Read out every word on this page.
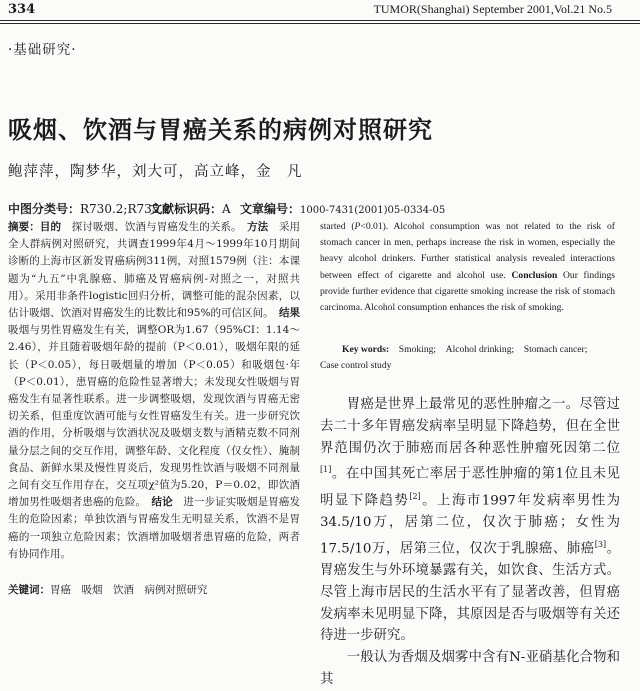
334	TUMOR(Shanghai) September 2001,Vol.21 No.5
·基础研究·
吸烟、饮酒与胃癌关系的病例对照研究
鲍萍萍，陶梦华，刘大可，高立峰，金　凡
中图分类号：R730.2;R735.2
文献标识码：A 文章编号：1000-7431(2001)05-0334-05

摘要：目的　 探讨吸烟、饮酒与胃癌发生的关系。　 方法　 采用全人群病例对照研究，共调查1999年4月～1999年10月期间诊断的上海市区新发胃癌病例311例，对照1579例（注：本课题为“九五”中乳腺癌、肺癌及胃癌病例-对照之一，对照共用）。采用非条件logistic回归分析，调整可能的混杂因素，以估计吸烟、饮酒对胃癌发生的比数比和95%的可信区间。　 结果　吸烟与男性胃癌发生有关，调整OR为1.67（95%CI：1.14～2.46），并且随着吸烟年龄的提前（P＜0.01），吸烟年限的延长（P＜0.05），每日吸烟量的增加（P＜0.05）和吸烟包·年（P＜0.01），患胃癌的危险性显著增大；未发现女性吸烟与胃癌发生有显著性联系。进一步调整吸烟，发现饮酒与胃癌无密切关系，但重度饮酒可能与女性胃癌发生有关。进一步研究饮酒的作用，分析吸烟与饮酒状况及吸烟支数与酒精克数不同剂量分层之间的交互作用，调整年龄、文化程度（仅女性）、腌制食品、新鲜水果及慢性胃炎后，发现男性饮酒与吸烟不同剂量之间有交互作用存在，交互项χ²值为5.20，P＝0.02，即饮酒增加男性吸烟者患癌的危险。　 结论　 进一步证实吸烟是胃癌发生的危险因素；单独饮酒与胃癌发生无明显关系，饮酒不是胃癌的一项独立危险因素；饮酒增加吸烟者患胃癌的危险，两者有协同作用。

关键词：胃癌　吸烟　饮酒　病例对照研究

started (P<0.01). Alcohol consumption was not related to the risk of stomach cancer in men, perhaps increase the risk in women, especially the heavy alcohol drinkers. Further statistical analysis revealed interactions between effect of cigarette and alcohol use. Conclusion Our findings provide further evidence that cigarette smoking increase the risk of stomach carcinoma. Alcohol consumption enhances the risk of smoking.

Key words:　 Smoking;　Alcohol drinking;　Stomach cancer;　Case control study

胃癌是世界上最常见的恶性肿瘤之一。尽管过去二十多年胃癌发病率呈明显下降趋势，但在全世界范围仍次于肺癌而居各种恶性肿瘤死因第二位[1]。在中国其死亡率居于恶性肿瘤的第1位且未见明显下降趋势[2]。上海市1997年发病率男性为34.5/10万，居第二位，仅次于肺癌；女性为17.5/10万，居第三位，仅次于乳腺癌、肺癌[3]。胃癌发生与外环境暴露有关，如饮食、生活方式。尽管上海市居民的生活水平有了显著改善，但胃癌发病率未见明显下降，其原因是否与吸烟等有关还待进一步研究。

一般认为香烟及烟雾中含有N-亚硝基化合物和其
